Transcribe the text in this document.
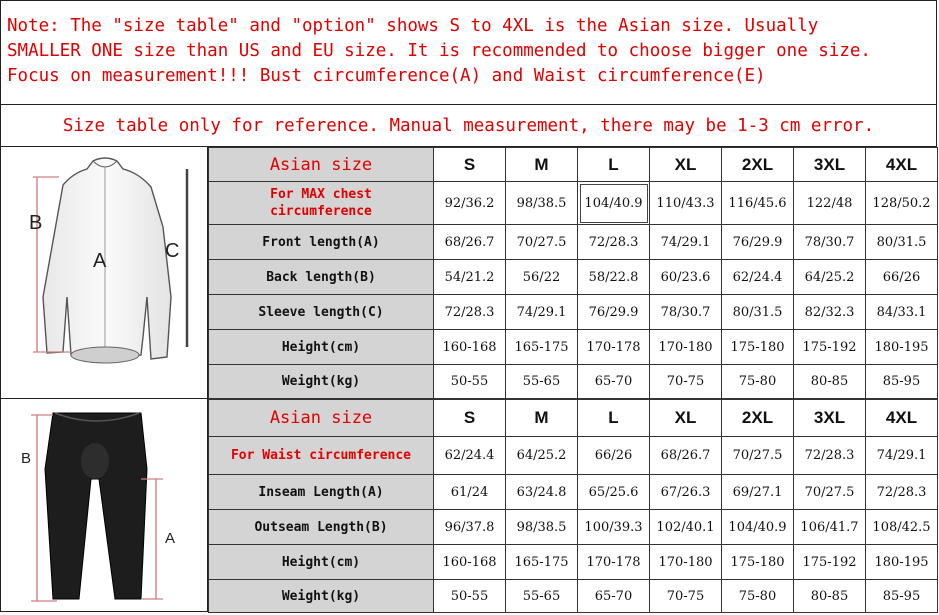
Note: The "size table" and "option" shows S to 4XL is the Asian size. Usually
SMALLER ONE size than US and EU size. It is recommended to choose bigger one size.
Focus on measurement!!! Bust circumference(A) and Waist circumference(E)
Size table only for reference. Manual measurement, there may be 1-3 cm error.
B
A	C
B
A
Asian size	S	M	L	XL	2XL	3XL	4XL

For MAX chest
circumference	92/36.2	98/38.5	104/40.9	110/43.3	116/45.6	122/48	128/50.2
Front length(A)	68/26.7	70/27.5	72/28.3	74/29.1	76/29.9	78/30.7	80/31.5
Back length(B)	54/21.2	56/22	58/22.8	60/23.6	62/24.4	64/25.2	66/26
Sleeve length(C)	72/28.3	74/29.1	76/29.9	78/30.7	80/31.5	82/32.3	84/33.1
Height(cm)	160-168	165-175	170-178	170-180	175-180	175-192	180-195
Weight(kg)	50-55	55-65	65-70	70-75	75-80	80-85	85-95
Asian size	S	M	L	XL	2XL	3XL	4XL
For Waist circumference	62/24.4	64/25.2	66/26	68/26.7	70/27.5	72/28.3	74/29.1
Inseam Length(A)	61/24	63/24.8	65/25.6	67/26.3	69/27.1	70/27.5	72/28.3
Outseam Length(B)	96/37.8	98/38.5	100/39.3	102/40.1	104/40.9	106/41.7	108/42.5
Height(cm)	160-168	165-175	170-178	170-180	175-180	175-192	180-195
Weight(kg)	50-55	55-65	65-70	70-75	75-80	80-85	85-95
